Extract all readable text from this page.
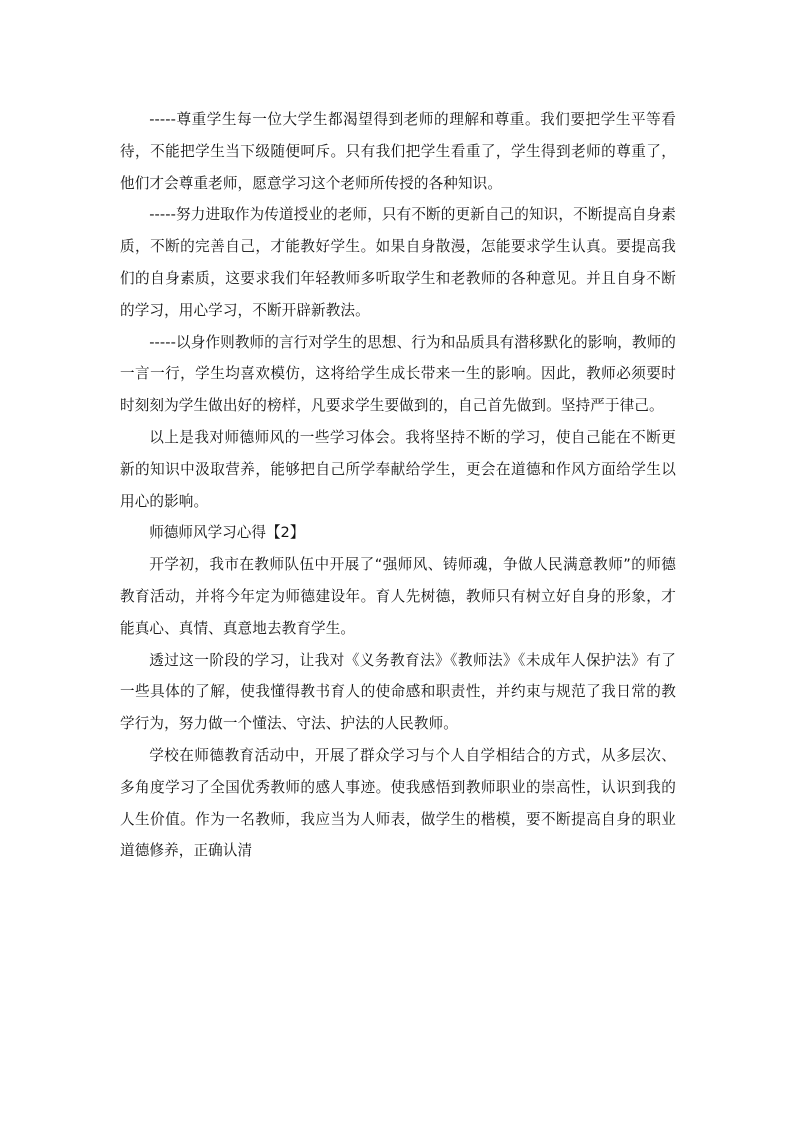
-----尊重学生每一位大学生都渴望得到老师的理解和尊重。我们要把学生平等看待，不能把学生当下级随便呵斥。只有我们把学生看重了，学生得到老师的尊重了，他们才会尊重老师，愿意学习这个老师所传授的各种知识。

-----努力进取作为传道授业的老师，只有不断的更新自己的知识，不断提高自身素质，不断的完善自己，才能教好学生。如果自身散漫，怎能要求学生认真。要提高我们的自身素质，这要求我们年轻教师多听取学生和老教师的各种意见。并且自身不断的学习，用心学习，不断开辟新教法。

-----以身作则教师的言行对学生的思想、行为和品质具有潜移默化的影响，教师的一言一行，学生均喜欢模仿，这将给学生成长带来一生的影响。因此，教师必须要时时刻刻为学生做出好的榜样，凡要求学生要做到的，自己首先做到。坚持严于律己。

以上是我对师德师风的一些学习体会。我将坚持不断的学习，使自己能在不断更新的知识中汲取营养，能够把自己所学奉献给学生，更会在道德和作风方面给学生以用心的影响。

师德师风学习心得【2】

开学初，我市在教师队伍中开展了“强师风、铸师魂，争做人民满意教师”的师德教育活动，并将今年定为师德建设年。育人先树德，教师只有树立好自身的形象，才能真心、真情、真意地去教育学生。

透过这一阶段的学习，让我对《义务教育法》《教师法》《未成年人保护法》有了一些具体的了解，使我懂得教书育人的使命感和职责性，并约束与规范了我日常的教学行为，努力做一个懂法、守法、护法的人民教师。

学校在师德教育活动中，开展了群众学习与个人自学相结合的方式，从多层次、多角度学习了全国优秀教师的感人事迹。使我感悟到教师职业的崇高性，认识到我的人生价值。作为一名教师，我应当为人师表，做学生的楷模，要不断提高自身的职业道德修养，正确认清
